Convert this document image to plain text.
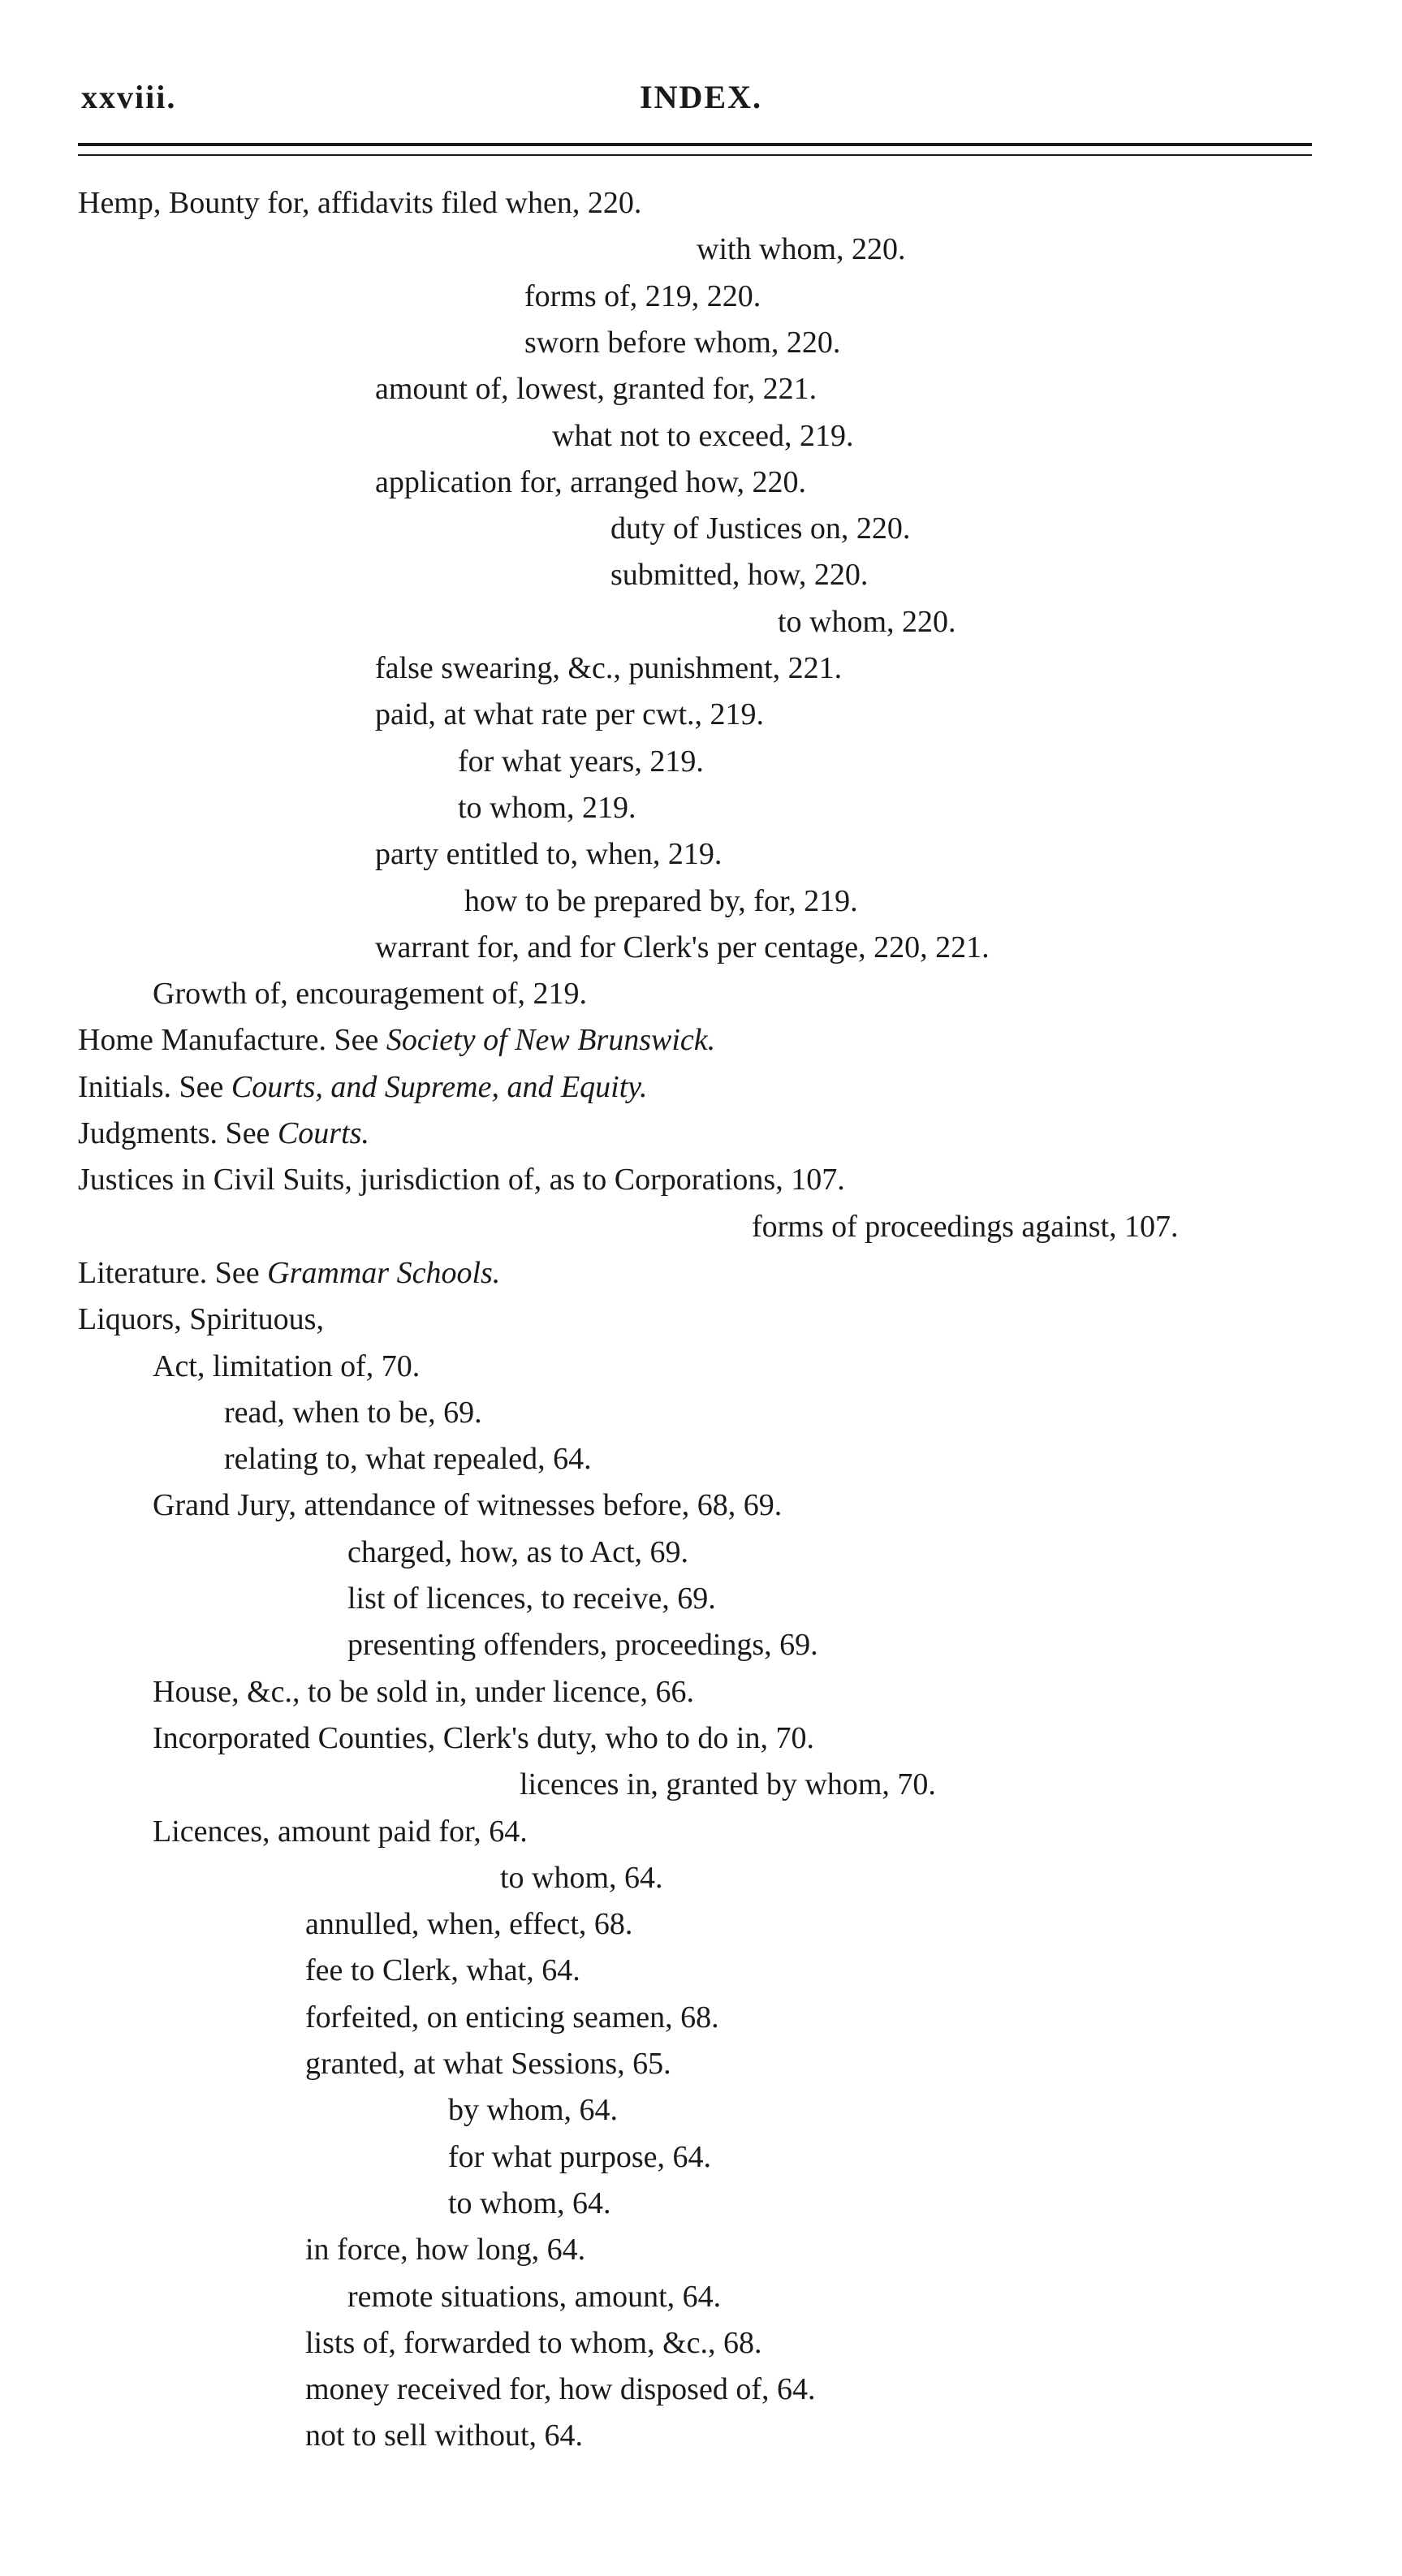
xxviii.	INDEX.
Hemp, Bounty for, affidavits filed when, 220.
with whom, 220.
forms of, 219, 220.
sworn before whom, 220.
amount of, lowest, granted for, 221.
what not to exceed, 219.
application for, arranged how, 220.
duty of Justices on, 220.
submitted, how, 220.
to whom, 220.
false swearing, &c., punishment, 221.
paid, at what rate per cwt., 219.
for what years, 219.
to whom, 219.
party entitled to, when, 219.
how to be prepared by, for, 219.
warrant for, and for Clerk's per centage, 220, 221.
Growth of, encouragement of, 219.
Home Manufacture. See Society of New Brunswick.
Initials. See Courts, and Supreme, and Equity.
Judgments. See Courts.
Justices in Civil Suits, jurisdiction of, as to Corporations, 107.
forms of proceedings against, 107.
Literature. See Grammar Schools.
Liquors, Spirituous,
Act, limitation of, 70.
read, when to be, 69.
relating to, what repealed, 64.
Grand Jury, attendance of witnesses before, 68, 69.
charged, how, as to Act, 69.
list of licences, to receive, 69.
presenting offenders, proceedings, 69.
House, &c., to be sold in, under licence, 66.
Incorporated Counties, Clerk's duty, who to do in, 70.
licences in, granted by whom, 70.
Licences, amount paid for, 64.
to whom, 64.
annulled, when, effect, 68.
fee to Clerk, what, 64.
forfeited, on enticing seamen, 68.
granted, at what Sessions, 65.
by whom, 64.
for what purpose, 64.
to whom, 64.
in force, how long, 64.
remote situations, amount, 64.
lists of, forwarded to whom, &c., 68.
money received for, how disposed of, 64.
not to sell without, 64.
